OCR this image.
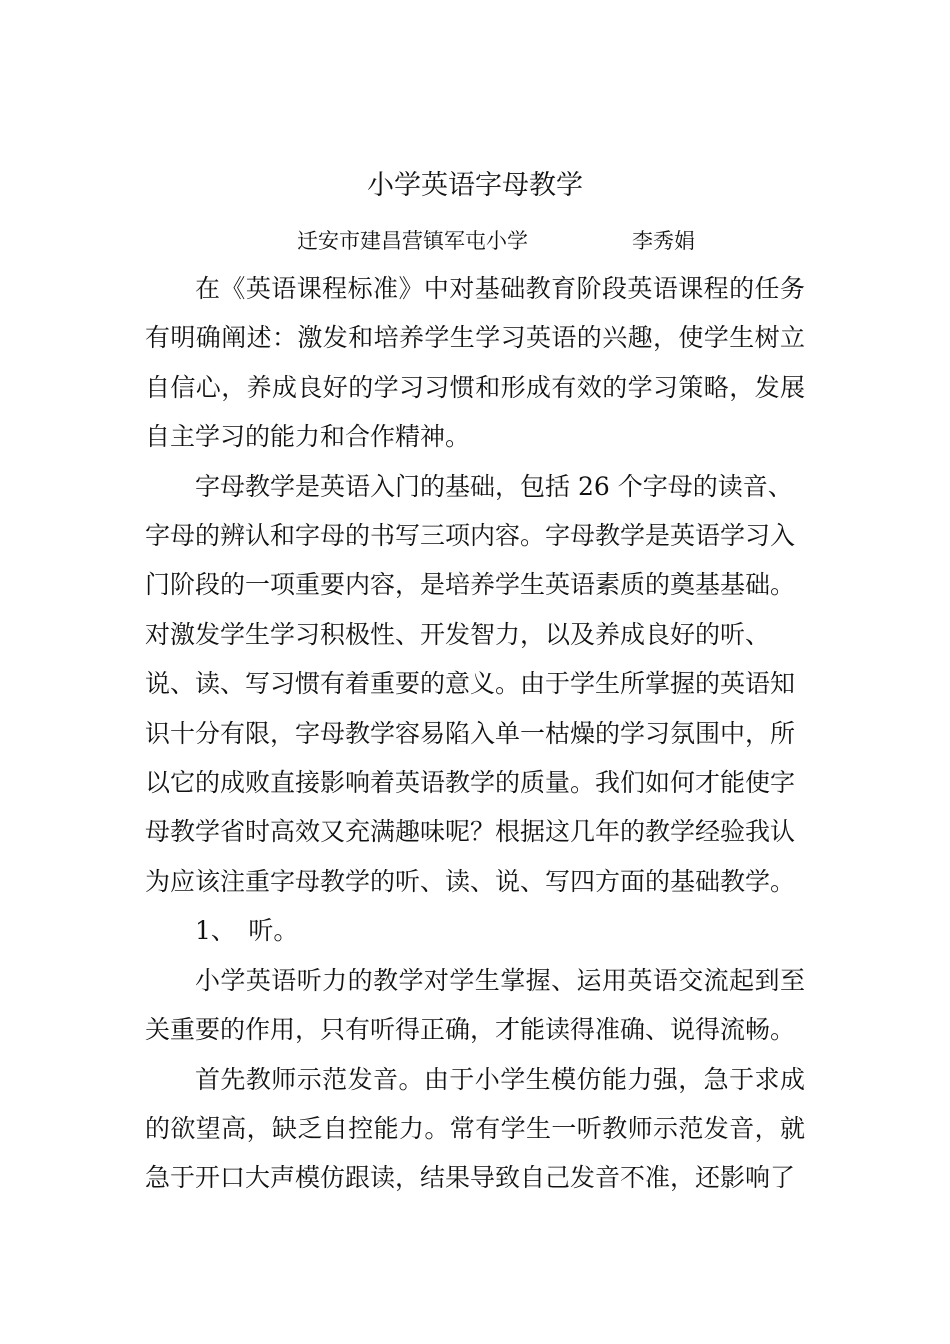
小学英语字母教学
迁安市建昌营镇军屯小学	李秀娟

在《英语课程标准》中对基础教育阶段英语课程的任务有明确阐述：激发和培养学生学习英语的兴趣，使学生树立自信心，养成良好的学习习惯和形成有效的学习策略，发展自主学习的能力和合作精神。

字母教学是英语入门的基础，包括 26 个字母的读音、字母的辨认和字母的书写三项内容。字母教学是英语学习入门阶段的一项重要内容，是培养学生英语素质的奠基基础。对激发学生学习积极性、开发智力，以及养成良好的听、说、读、写习惯有着重要的意义。由于学生所掌握的英语知识十分有限，字母教学容易陷入单一枯燥的学习氛围中，所以它的成败直接影响着英语教学的质量。我们如何才能使字母教学省时高效又充满趣味呢？根据这几年的教学经验我认为应该注重字母教学的听、读、说、写四方面的基础教学。

1、　听。

小学英语听力的教学对学生掌握、运用英语交流起到至关重要的作用，只有听得正确，才能读得准确、说得流畅。

首先教师示范发音。由于小学生模仿能力强，急于求成的欲望高，缺乏自控能力。常有学生一听教师示范发音，就急于开口大声模仿跟读，结果导致自己发音不准，还影响了
